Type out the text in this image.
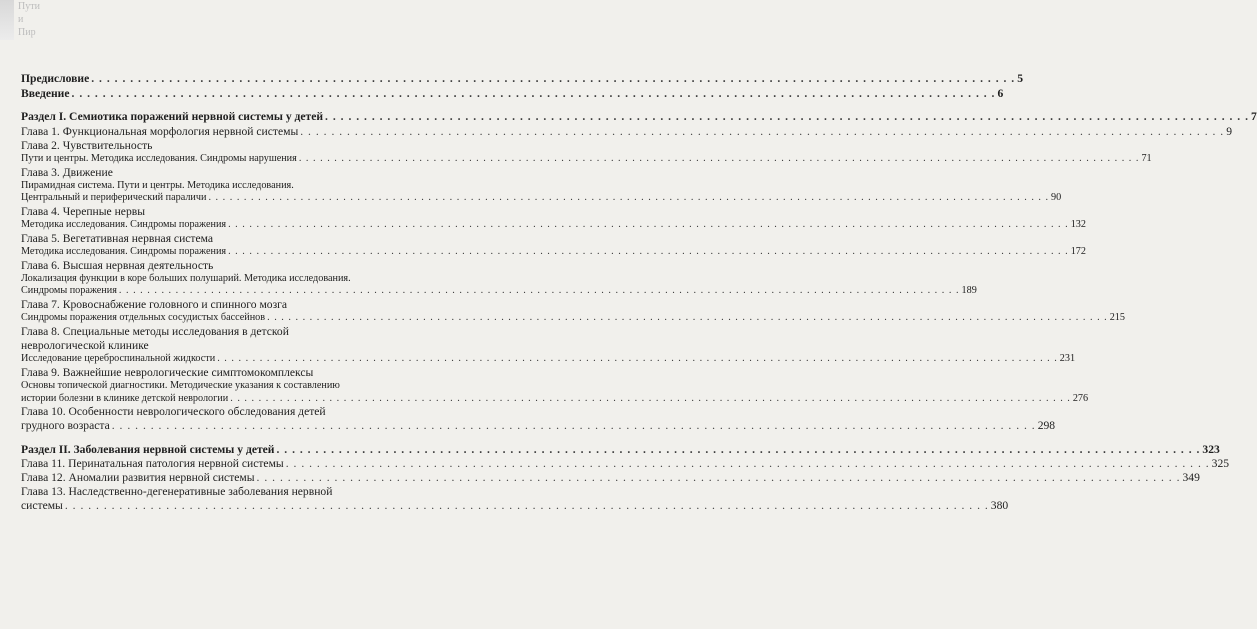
Пути
и
Пир
Предисловие . . .	5
Введение . . .	6
Раздел I. Семиотика поражений нервной системы у детей . . .	7
Глава 1. Функциональная морфология нервной системы . . .	9
Глава 2. Чувствительность
Пути и центры. Методика исследования. Синдромы нарушения . . .	71
Глава 3. Движение
Пирамидная система. Пути и центры. Методика исследования.
Центральный и периферический параличи . . .	90
Глава 4. Черепные нервы
Методика исследования. Синдромы поражения . . .	132
Глава 5. Вегетативная нервная система
Методика исследования. Синдромы поражения . . .	172
Глава 6. Высшая нервная деятельность
Локализация функции в коре больших полушарий. Методика исследования.
Синдромы поражения . . .	189
Глава 7. Кровоснабжение головного и спинного мозга
Синдромы поражения отдельных сосудистых бассейнов . . .	215
Глава 8. Специальные методы исследования в детской
неврологической клинике
Исследование цереброспинальной жидкости . . .	231
Глава 9. Важнейшие неврологические симптомокомплексы
Основы топической диагностики. Методические указания к составлению
истории болезни в клинике детской неврологии . . .	276
Глава 10. Особенности неврологического обследования детей
грудного возраста . . .	298
Раздел II. Заболевания нервной системы у детей . . .	323
Глава 11. Перинатальная патология нервной системы . . .	325
Глава 12. Аномалии развития нервной системы . . .	349
Глава 13. Наследственно-дегенеративные заболевания нервной
системы . . .	380
